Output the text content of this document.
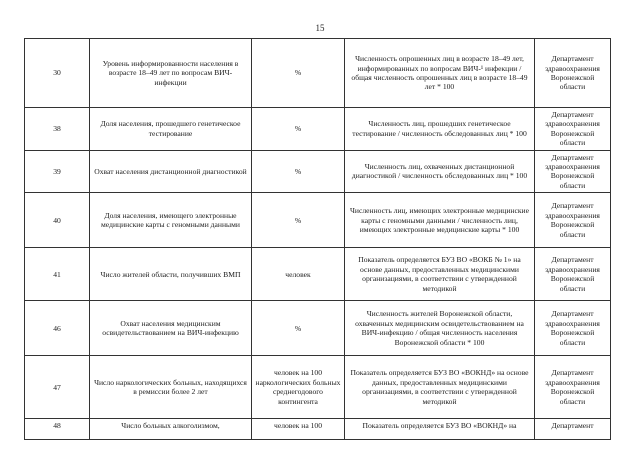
15
30	Уровень информированности населения в возрасте 18–49 лет по вопросам ВИЧ-инфекции	%	Численность опрошенных лиц в возрасте 18–49 лет, информированных по вопросам ВИЧ-¹ инфекции / общая численность опрошенных лиц в возрасте 18–49 лет * 100	Департамент здравоохранения Воронежской области
38	Доля населения, прошедшего генетическое тестирование	%	Численность лиц, прошедших генетическое тестирование / численность обследованных лиц * 100	Департамент здравоохранения Воронежской области
39	Охват населения дистанционной диагностикой	%	Численность лиц, охваченных дистанционной диагностикой / численность обследованных лиц * 100	Департамент здравоохранения Воронежской области
40	Доля населения, имеющего электронные медицинские карты с геномными данными	%	Численность лиц, имеющих электронные медицинские карты с геномными данными / численность лиц, имеющих электронные медицинские карты * 100	Департамент здравоохранения Воронежской области
41	Число жителей области, получивших ВМП	человек	Показатель определяется БУЗ ВО «ВОКБ № 1» на основе данных, предоставленных медицинскими организациями, в соответствии с утвержденной методикой	Департамент здравоохранения Воронежской области
46	Охват населения медицинским освидетельствованием на ВИЧ-инфекцию	%	Численность жителей Воронежской области, охваченных медицинским освидетельствованием на ВИЧ-инфекцию / общая численность населения Воронежской области * 100	Департамент здравоохранения Воронежской области
47	Число наркологических больных, находящихся в ремиссии более 2 лет	человек на 100 наркологических больных среднегодового контингента	Показатель определяется БУЗ ВО «ВОКНД» на основе данных, предоставленных медицинскими организациями, в соответствии с утвержденной методикой	Департамент здравоохранения Воронежской области
48	Число больных алкоголизмом,	человек на 100	Показатель определяется БУЗ ВО «ВОКНД» на	Департамент
